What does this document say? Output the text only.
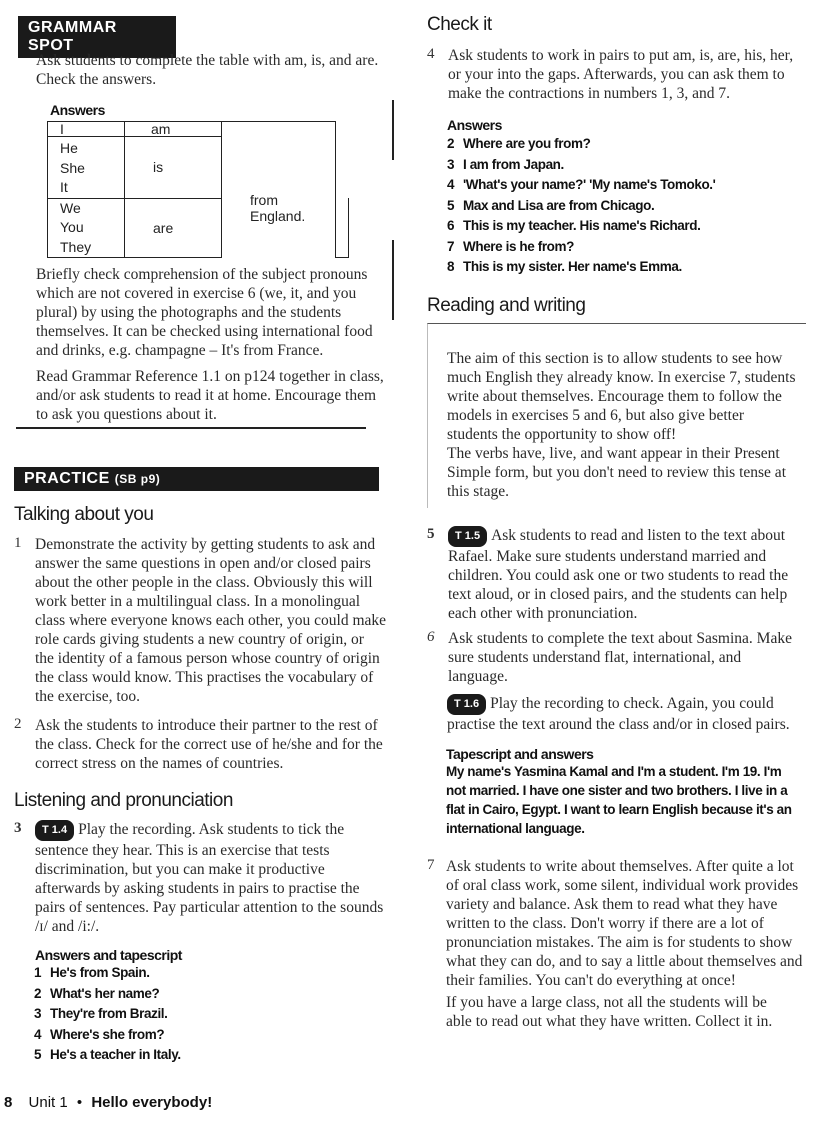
GRAMMAR SPOT
Ask students to complete the table with am, is, and are. Check the answers.
Answers
I	am	from England.	

He
She
It	is		

We
You
They	are		
Briefly check comprehension of the subject pronouns which are not covered in exercise 6 (we, it, and you plural) by using the photographs and the students themselves. It can be checked using international food and drinks, e.g. champagne – It's from France.
Read Grammar Reference 1.1 on p124 together in class, and/or ask students to read it at home. Encourage them to ask you questions about it.
PRACTICE (SB p9)
Talking about you
1 Demonstrate the activity by getting students to ask and answer the same questions in open and/or closed pairs about the other people in the class. Obviously this will work better in a multilingual class. In a monolingual class where everyone knows each other, you could make role cards giving students a new country of origin, or the identity of a famous person whose country of origin the class would know. This practises the vocabulary of the exercise, too.
2 Ask the students to introduce their partner to the rest of the class. Check for the correct use of he/she and for the correct stress on the names of countries.
Listening and pronunciation
3	T 1.4 Play the recording. Ask students to tick the sentence they hear. This is an exercise that tests discrimination, but you can make it productive afterwards by asking students in pairs to practise the pairs of sentences. Pay particular attention to the sounds /ɪ/ and /i:/.
Answers and tapescript
1 He's from Spain.
2 What's her name?
3 They're from Brazil.
4 Where's she from?
5 He's a teacher in Italy.
Check it
4 Ask students to work in pairs to put am, is, are, his, her, or your into the gaps. Afterwards, you can ask them to make the contractions in numbers 1, 3, and 7.
Answers
2 Where are you from?
3 I am from Japan.
4 'What's your name?' 'My name's Tomoko.'
5 Max and Lisa are from Chicago.
6 This is my teacher. His name's Richard.
7 Where is he from?
8 This is my sister. Her name's Emma.
Reading and writing
The aim of this section is to allow students to see how much English they already know. In exercise 7, students write about themselves. Encourage them to follow the models in exercises 5 and 6, but also give better students the opportunity to show off!
The verbs have, live, and want appear in their Present Simple form, but you don't need to review this tense at this stage.
5	T 1.5 Ask students to read and listen to the text about Rafael. Make sure students understand married and children. You could ask one or two students to read the text aloud, or in closed pairs, and the students can help each other with pronunciation.
6 Ask students to complete the text about Sasmina. Make sure students understand flat, international, and language.
T 1.6 Play the recording to check. Again, you could practise the text around the class and/or in closed pairs.
Tapescript and answers
My name's Yasmina Kamal and I'm a student. I'm 19. I'm not married. I have one sister and two brothers. I live in a flat in Cairo, Egypt. I want to learn English because it's an international language.
7 Ask students to write about themselves. After quite a lot of oral class work, some silent, individual work provides variety and balance. Ask them to read what they have written to the class. Don't worry if there are a lot of pronunciation mistakes. The aim is for students to show what they can do, and to say a little about themselves and their families. You can't do everything at once!
If you have a large class, not all the students will be able to read out what they have written. Collect it in.
8 Unit 1 • Hello everybody!
